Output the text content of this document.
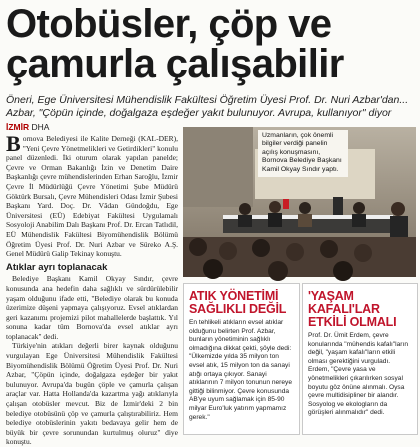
Otobüsler, çöp ve
çamurla çalışabilir
Öneri, Ege Üniversitesi Mühendislik Fakültesi Öğretim Üyesi Prof. Dr. Nuri Azbar'dan... Azbar, "Çöpün içinde, doğalgaza eşdeğer yakıt bulunuyor. Avrupa, kullanıyor" diyor
İZMİR DHA

Bornova Belediyesi ile Kalite Derneği (KAL-DER), "Yeni Çevre Yönetmelikleri ve Getirdikleri" konulu panel düzenledi. İki oturum olarak yapılan panelde; Çevre ve Orman Bakanlığı İzin ve Denetim Daire Başkanlığı çevre mühendislerinden Erhan Saroğlu, İzmir Çevre İl Müdürlüğü Çevre Yönetimi Şube Müdürü Göktürk Bursalı, Çevre Mühendisleri Odası İzmir Şubesi Başkanı Yard. Doç. Dr. Vâdan Gündoğdu, Ege Üniversitesi (EÜ) Edebiyat Fakültesi Uygulamalı Sosyoloji Anabilim Dalı Başkanı Prof. Dr. Ercan Tatlıdil, EÜ Mühendislik Fakültesi Biyomühendislik Bölümü Öğretim Üyesi Prof. Dr. Nuri Azbar ve Süreko A.Ş. Genel Müdürü Galip Tekinay konuştu.

Atıklar ayrı toplanacak

Belediye Başkanı Kamil Okyay Sındır, çevre konusunda ana hedefin daha sağlıklı ve sürdürülebilir yaşam olduğunu ifade etti, "Belediye olarak bu konuda üzerimize düşeni yapmaya çalışıyoruz. Evsel atıklardan geri kazanımı projemizi pilot mahallelerde başlattık. Yıl sonuna kadar tüm Bornova'da evsel atıklar ayrı toplanacak" dedi.

Türkiye'nin atıkları değerli birer kaynak olduğunu vurgulayan Ege Üniversitesi Mühendislik Fakültesi Biyomühendislik Bölümü Öğretim Üyesi Prof. Dr. Nuri Azbar, "Çöpün içinde, doğalgaza eşdeğer bir yakıt bulunuyor. Avrupa'da bugün çöple ve çamurla çalışan araçlar var. Hatta Hollanda'da kazartma yağı atıklarıyla çalışan otobüsler mevcut. Biz de İzmir'deki 2 bin belediye otobüsünü çöp ve çamurla çalıştırabiliriz. Hem belediye otobüslerinin yakıtı bedavaya gelir hem de büyük bir çevre sorunundan kurtulmuş oluruz" diye konuştu.

Uzmanların, çok önemli bilgiler verdiği panelin açılış konuşmasını, Bornova Belediye Başkanı Kamil Okyay Sındır yaptı.
ATIK YÖNETİMİ SAĞLIKLI DEĞİL

En tehlikeli atıkların evsel atıklar olduğunu belirten Prof. Azbar, bunların yönetiminin sağlıklı olmadığına dikkat çekti, şöyle dedi: "Ülkemizde yılda 35 milyon ton evsel atık, 15 milyon ton da sanayi atığı ortaya çıkıyor. Sanayi atıklarının 7 milyon tonunun nereye gittiği bilinmiyor. Çevre konusunda AB'ye uyum sağlamak için 85-90 milyar Euro'luk yatırım yapmamız gerek."

'YAŞAM KAFALI'LAR ETKİLİ OLMALI

Prof. Dr. Ümit Erdem, çevre konularında "mühendis kafalı"ların değil, "yaşam kafalı"ların etkili olması gerektiğini vurguladı. Erdem, "Çevre yasa ve yönetmelikleri çıkarılırken sosyal boyutu göz önüne alınmalı. Oysa çevre multidisipliner bir alandır. Sosyolog ve ekologların da görüşleri alınmalıdır" dedi.
